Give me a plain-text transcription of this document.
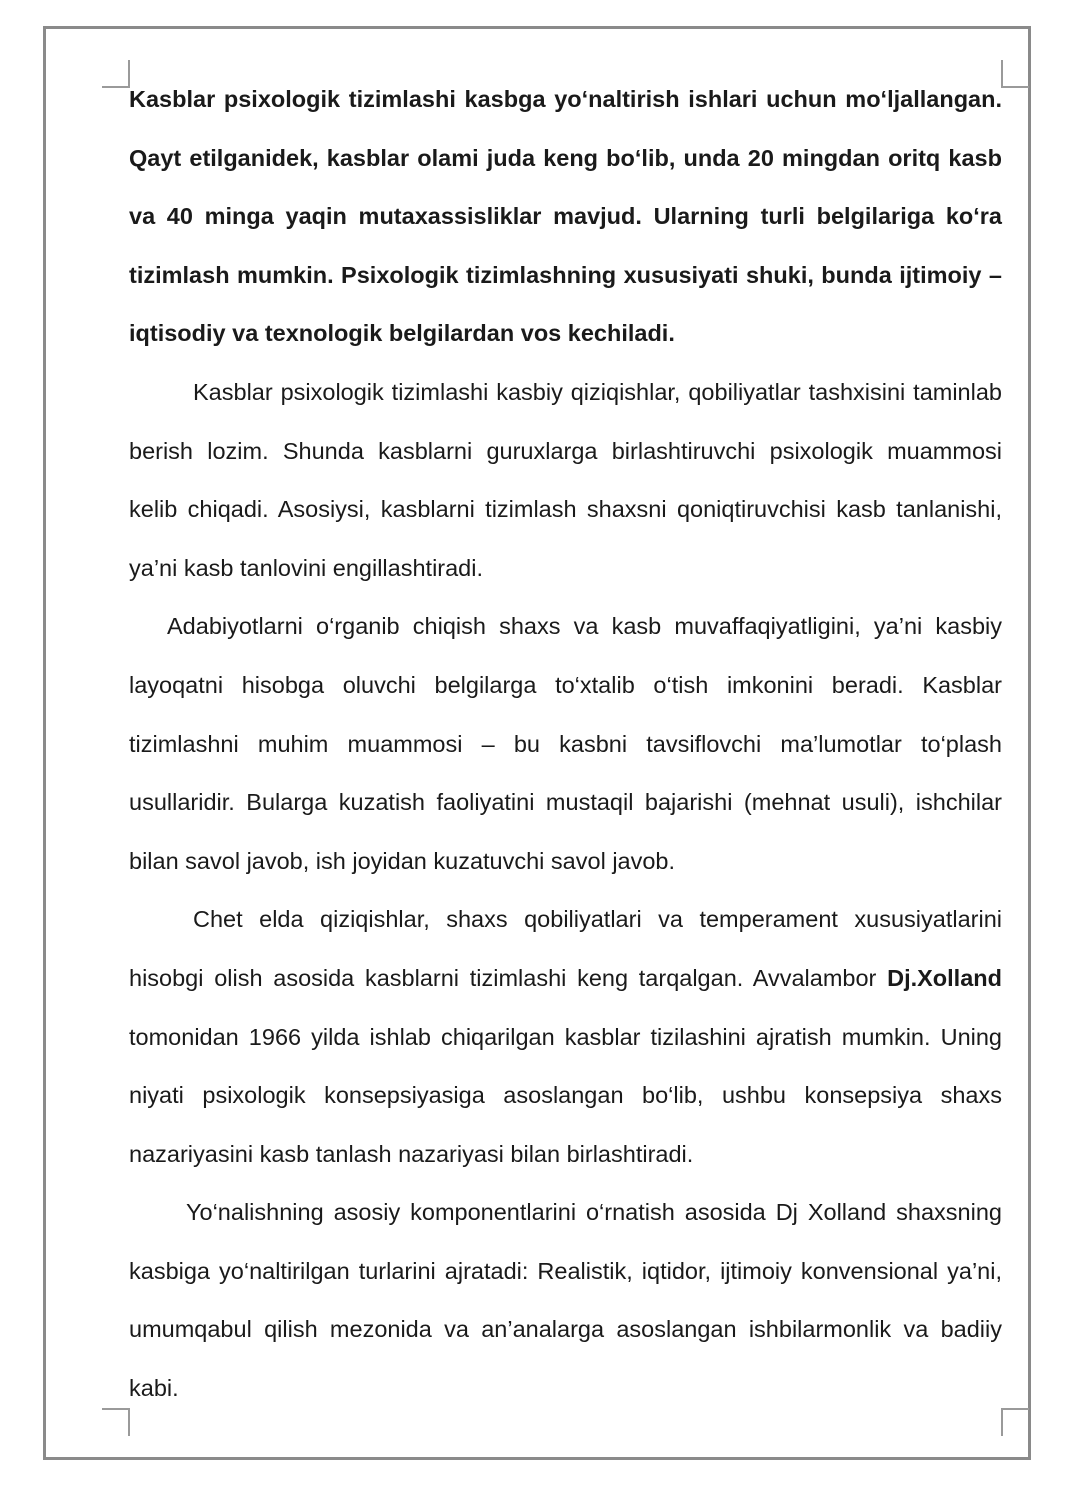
Kasblar psixologik tizimlashi kasbga yo‘naltirish ishlari uchun mo‘ljallangan. Qayt etilganidek, kasblar olami juda keng bo‘lib, unda 20 mingdan oritq kasb va 40 minga yaqin mutaxassisliklar mavjud. Ularning turli belgilariga ko‘ra tizimlash mumkin. Psixologik tizimlashning xususiyati shuki, bunda ijtimoiy – iqtisodiy va texnologik belgilardan vos kechiladi.

Kasblar psixologik tizimlashi kasbiy qiziqishlar, qobiliyatlar tashxisini taminlab berish lozim. Shunda kasblarni guruxlarga birlashtiruvchi psixologik muammosi kelib chiqadi. Asosiysi, kasblarni tizimlash shaxsni qoniqtiruvchisi kasb tanlanishi, ya’ni kasb tanlovini engillashtiradi.

Adabiyotlarni o‘rganib chiqish shaxs va kasb muvaffaqiyatligini, ya’ni kasbiy layoqatni hisobga oluvchi belgilarga to‘xtalib o‘tish imkonini beradi. Kasblar tizimlashni muhim muammosi – bu kasbni tavsiflovchi ma’lumotlar to‘plash usullaridir. Bularga kuzatish faoliyatini mustaqil bajarishi (mehnat usuli), ishchilar bilan savol javob, ish joyidan kuzatuvchi savol javob.

Chet elda qiziqishlar, shaxs qobiliyatlari va temperament xususiyatlarini hisobgi olish asosida kasblarni tizimlashi keng tarqalgan. Avvalambor Dj.Xolland tomonidan 1966 yilda ishlab chiqarilgan kasblar tizilashini ajratish mumkin. Uning niyati psixologik konsepsiyasiga asoslangan bo‘lib, ushbu konsepsiya shaxs nazariyasini kasb tanlash nazariyasi bilan birlashtiradi.

Yo‘nalishning asosiy komponentlarini o‘rnatish asosida Dj Xolland shaxsning kasbiga yo‘naltirilgan turlarini ajratadi: Realistik, iqtidor, ijtimoiy konvensional ya’ni, umumqabul qilish mezonida va an’analarga asoslangan ishbilarmonlik va badiiy kabi.
